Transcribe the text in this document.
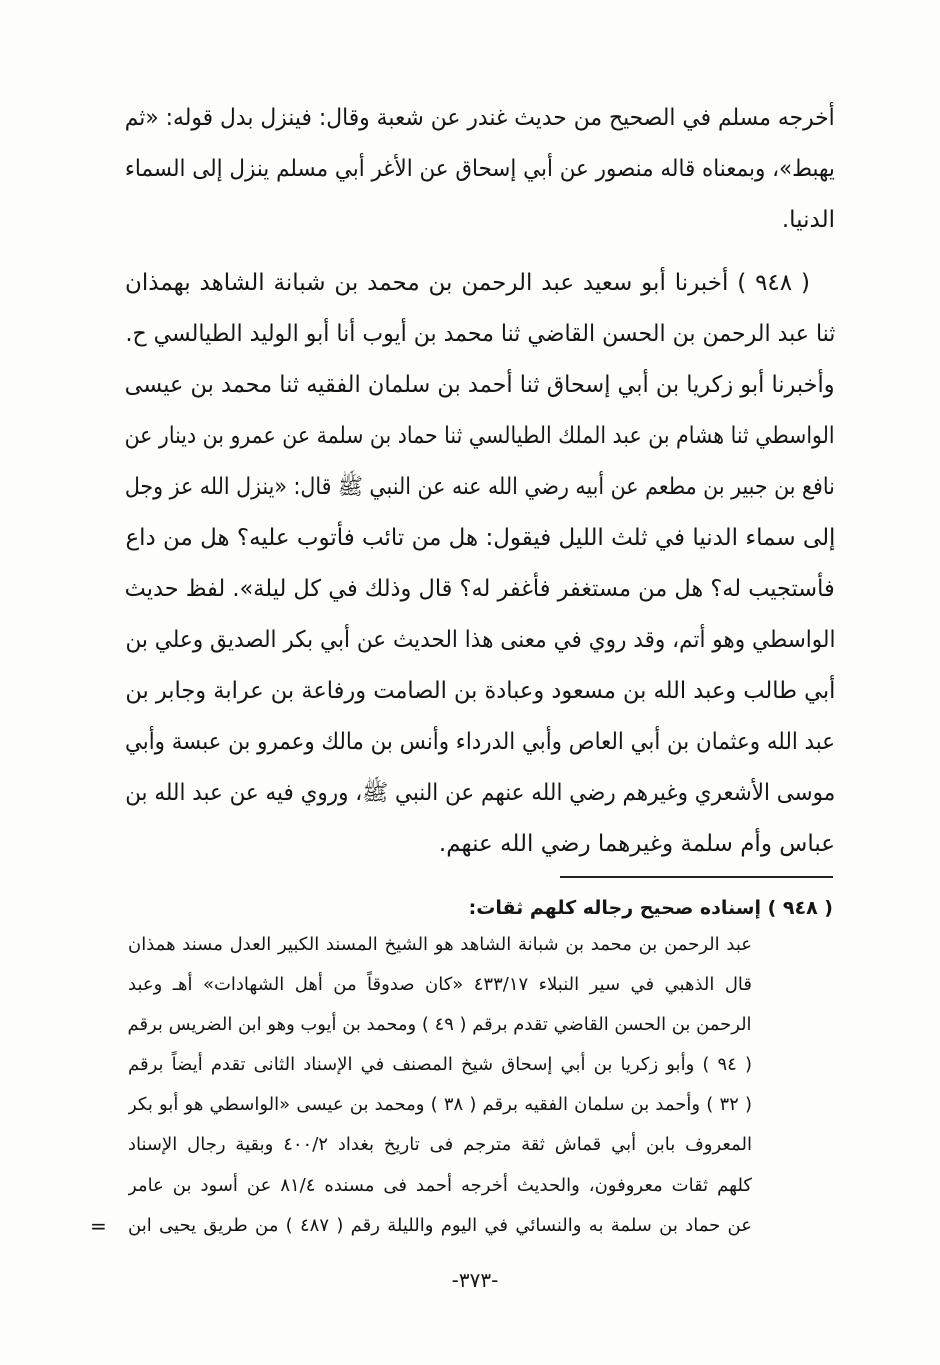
أخرجه مسلم في الصحيح من حديث غندر عن شعبة وقال: فينزل بدل قوله: «ثم
يهبط»، وبمعناه قاله منصور عن أبي إسحاق عن الأغر أبي مسلم ينزل إلى السماء
الدنيا.
( ٩٤٨ ) أخبرنا أبو سعيد عبد الرحمن بن محمد بن شبانة الشاهد بهمذان
ثنا عبد الرحمن بن الحسن القاضي ثنا محمد بن أيوب أنا أبو الوليد الطيالسي ح.
وأخبرنا أبو زكريا بن أبي إسحاق ثنا أحمد بن سلمان الفقيه ثنا محمد بن عيسى
الواسطي ثنا هشام بن عبد الملك الطيالسي ثنا حماد بن سلمة عن عمرو بن دينار عن
نافع بن جبير بن مطعم عن أبيه رضي الله عنه عن النبي ﷺ قال: «ينزل الله عز وجل
إلى سماء الدنيا في ثلث الليل فيقول: هل من تائب فأتوب عليه؟ هل من داع
فأستجيب له؟ هل من مستغفر فأغفر له؟ قال وذلك في كل ليلة». لفظ حديث
الواسطي وهو أتم، وقد روي في معنى هذا الحديث عن أبي بكر الصديق وعلي بن
أبي طالب وعبد الله بن مسعود وعبادة بن الصامت ورفاعة بن عرابة وجابر بن
عبد الله وعثمان بن أبي العاص وأبي الدرداء وأنس بن مالك وعمرو بن عبسة وأبي
موسى الأشعري وغيرهم رضي الله عنهم عن النبي ﷺ، وروي فيه عن عبد الله بن
عباس وأم سلمة وغيرهما رضي الله عنهم.
( ٩٤٨ ) إسناده صحيح رجاله كلهم ثقات:
عبد الرحمن بن محمد بن شبانة الشاهد هو الشيخ المسند الكبير العدل مسند همذان
قال الذهبي في سير النبلاء ٤٣٣/١٧ «كان صدوقاً من أهل الشهادات» أهـ وعبد
الرحمن بن الحسن القاضي تقدم برقم ( ٤٩ ) ومحمد بن أيوب وهو ابن الضريس برقم
( ٩٤ ) وأبو زكريا بن أبي إسحاق شيخ المصنف في الإسناد الثانى تقدم أيضاً برقم
( ٣٢ ) وأحمد بن سلمان الفقيه برقم ( ٣٨ ) ومحمد بن عيسى «الواسطي هو أبو بكر
المعروف بابن أبي قماش ثقة مترجم فى تاريخ بغداد ٤٠٠/٢ وبقية رجال الإسناد
كلهم ثقات معروفون، والحديث أخرجه أحمد فى مسنده ٨١/٤ عن أسود بن عامر
عن حماد بن سلمة به والنسائي في اليوم والليلة رقم ( ٤٨٧ ) من طريق يحيى ابن
=
-٣٧٣-
